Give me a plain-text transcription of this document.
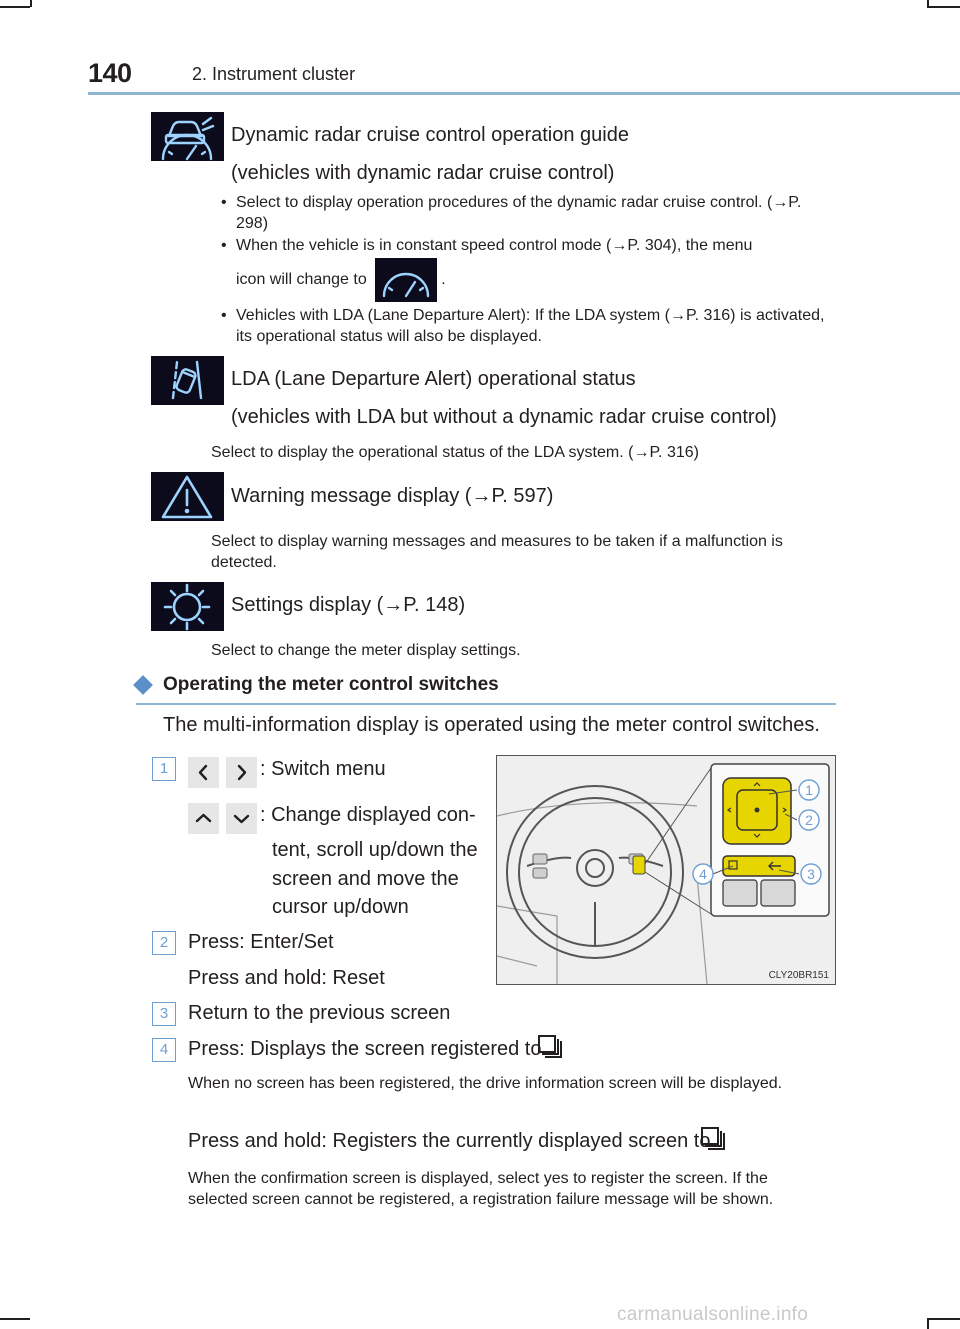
140	2. Instrument cluster
Dynamic radar cruise control operation guide
(vehicles with dynamic radar cruise control)
• Select to display operation procedures of the dynamic radar cruise control. (→P. 298)
• When the vehicle is in constant speed control mode (→P. 304), the menu
icon will change to	.
• Vehicles with LDA (Lane Departure Alert): If the LDA system (→P. 316) is activated, its operational status will also be displayed.
LDA (Lane Departure Alert) operational status
(vehicles with LDA but without a dynamic radar cruise control)
Select to display the operational status of the LDA system. (→P. 316)
Warning message display (→P. 597)
Select to display warning messages and measures to be taken if a malfunction is detected.
Settings display (→P. 148)
Select to change the meter display settings.
Operating the meter control switches
The multi-information display is operated using the meter control switches.
1	: Switch menu
: Change displayed con-
tent, scroll up/down the
screen and move the
cursor up/down
2 Press: Enter/Set
Press and hold: Reset
3 Return to the previous screen
4 Press: Displays the screen registered to
When no screen has been registered, the drive information screen will be displayed.
Press and hold: Registers the currently displayed screen to
When the confirmation screen is displayed, select yes to register the screen. If the selected screen cannot be registered, a registration failure message will be shown.
1
2
3
4
CLY20BR151
carmanualsonline.info
